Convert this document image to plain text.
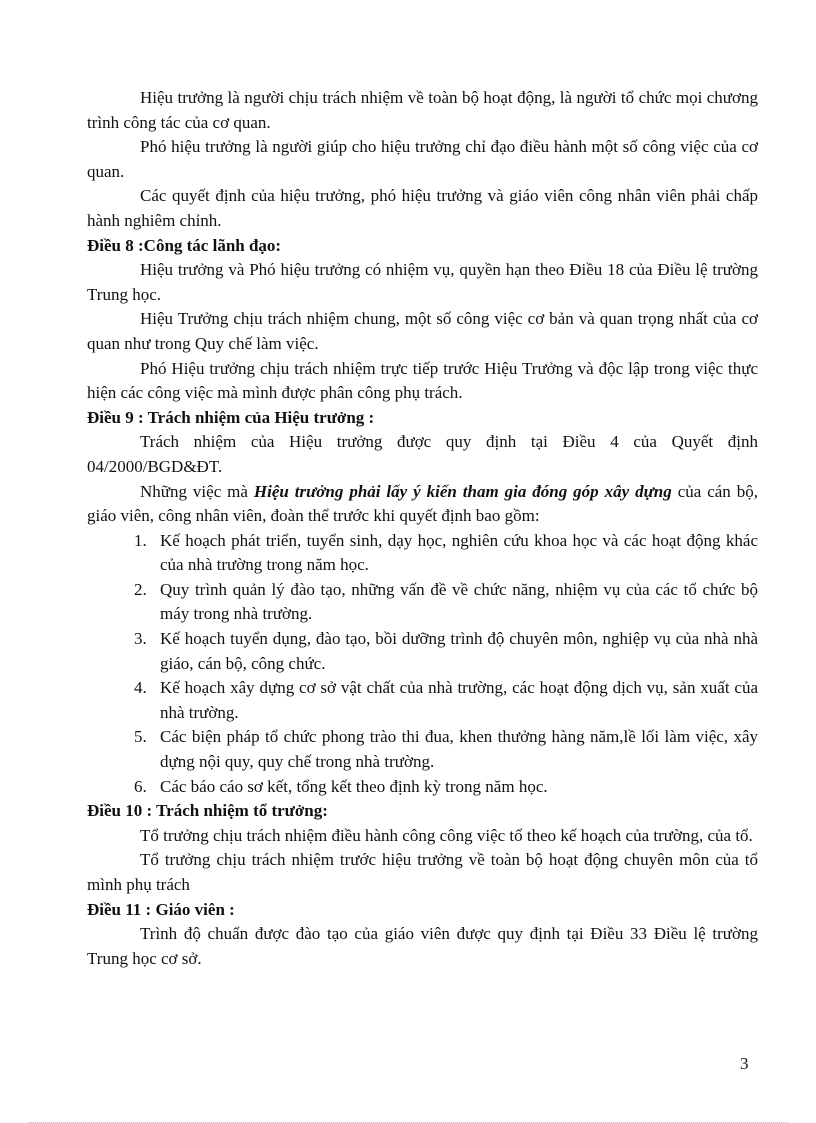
Hiệu trưởng là người chịu trách nhiệm về toàn bộ hoạt động, là người tổ chức mọi chương trình công tác của cơ quan.

Phó hiệu trưởng là người giúp cho hiệu trưởng chỉ đạo điều hành một số công việc của cơ quan.

Các quyết định của hiệu trưởng, phó hiệu trưởng và giáo viên công nhân viên phải chấp hành nghiêm chỉnh.

Điều 8 :Công tác lãnh đạo:

Hiệu trưởng và Phó hiệu trưởng có nhiệm vụ, quyền hạn theo Điều 18 của Điều lệ trường Trung học.

Hiệu Trưởng chịu trách nhiệm chung, một số công việc cơ bản và quan trọng nhất của cơ quan như trong Quy chế làm việc.

Phó Hiệu trưởng chịu trách nhiệm trực tiếp trước Hiệu Trưởng và độc lập trong việc thực hiện các công việc mà mình được phân công phụ trách.

Điều 9 : Trách nhiệm của Hiệu trưởng :

Trách nhiệm của Hiệu trưởng được quy định tại Điều 4 của Quyết định 04/2000/BGD&ĐT.

Những việc mà Hiệu trưởng phải lấy ý kiến tham gia đóng góp xây dựng của cán bộ, giáo viên, công nhân viên, đoàn thể trước khi quyết định bao gồm:

1. Kế hoạch phát triển, tuyển sinh, dạy học, nghiên cứu khoa học và các hoạt động khác của nhà trường trong năm học.
2. Quy trình quản lý đào tạo, những vấn đề về chức năng, nhiệm vụ của các tổ chức bộ máy trong nhà trường.
3. Kế hoạch tuyển dụng, đào tạo, bồi dưỡng trình độ chuyên môn, nghiệp vụ của nhà nhà giáo, cán bộ, công chức.
4. Kế hoạch xây dựng cơ sở vật chất của nhà trường, các hoạt động dịch vụ, sản xuất của nhà trường.
5. Các biện pháp tổ chức phong trào thi đua, khen thưởng hàng năm,lề lối làm việc, xây dựng nội quy, quy chế trong nhà trường.
6. Các báo cáo sơ kết, tổng kết theo định kỳ trong năm học.

Điều 10 : Trách nhiệm tổ trưởng:

Tổ trưởng chịu trách nhiệm điều hành công công việc tổ theo kế hoạch của trường, của tổ.

Tổ trưởng chịu trách nhiệm trước hiệu trưởng về toàn bộ hoạt động chuyên môn của tổ mình phụ trách

Điều 11 : Giáo viên :

Trình độ chuẩn được đào tạo của giáo viên được quy định tại Điều 33 Điều lệ trường Trung học cơ sở.

3
